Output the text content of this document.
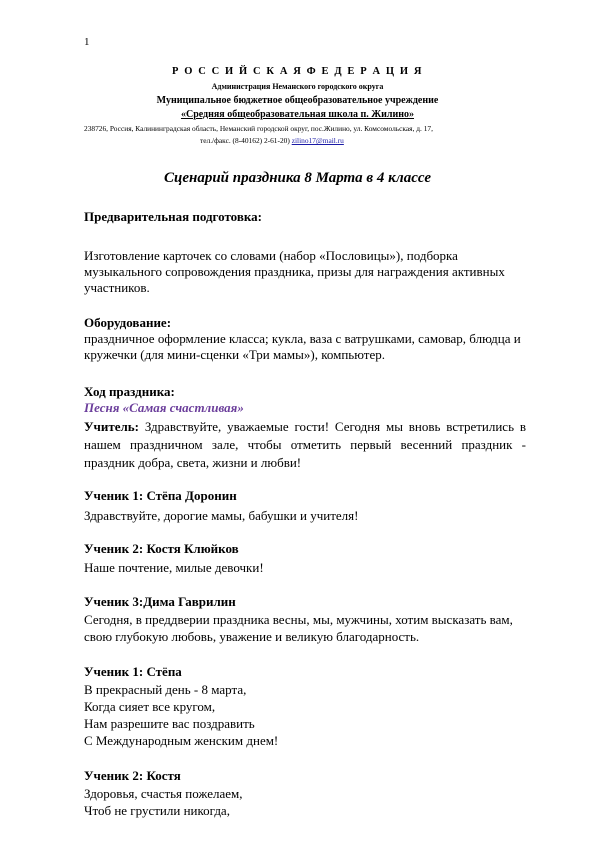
1
Р О С С И Й С К А Я Ф Е Д Е Р А Ц И Я
Администрация Неманского городского округа
Муниципальное бюджетное общеобразовательное учреждение
«Средняя общеобразовательная школа п. Жилино»
238726, Россия, Калининградская область, Неманский городской округ, пос.Жилино, ул. Комсомольская, д. 17,
тел./факс. (8-40162) 2-61-20) zilino17@mail.ru
Сценарий праздника 8 Марта в 4 классе
Предварительная подготовка:
Изготовление карточек со словами (набор «Пословицы»), подборка
музыкального сопровождения праздника, призы для награждения активных
участников.
Оборудование:
праздничное оформление класса; кукла, ваза с ватрушками, самовар, блюдца и
кружечки (для мини-сценки «Три мамы»), компьютер.
Ход праздника:
Песня «Самая счастливая»
Учитель: Здравствуйте, уважаемые гости! Сегодня мы вновь встретились в нашем праздничном зале, чтобы отметить первый весенний праздник - праздник добра, света, жизни и любви!
Ученик 1: Стёпа Доронин
Здравствуйте, дорогие мамы, бабушки и учителя!
Ученик 2: Костя Клюйков
Наше почтение, милые девочки!
Ученик 3:Дима Гаврилин
Сегодня, в преддверии праздника весны, мы, мужчины, хотим высказать вам,
свою глубокую любовь, уважение и великую благодарность.
Ученик 1: Стёпа
В прекрасный день - 8 марта,
Когда сияет все кругом,
Нам разрешите вас поздравить
С Международным женским днем!
Ученик 2: Костя
Здоровья, счастья пожелаем,
Чтоб не грустили никогда,
